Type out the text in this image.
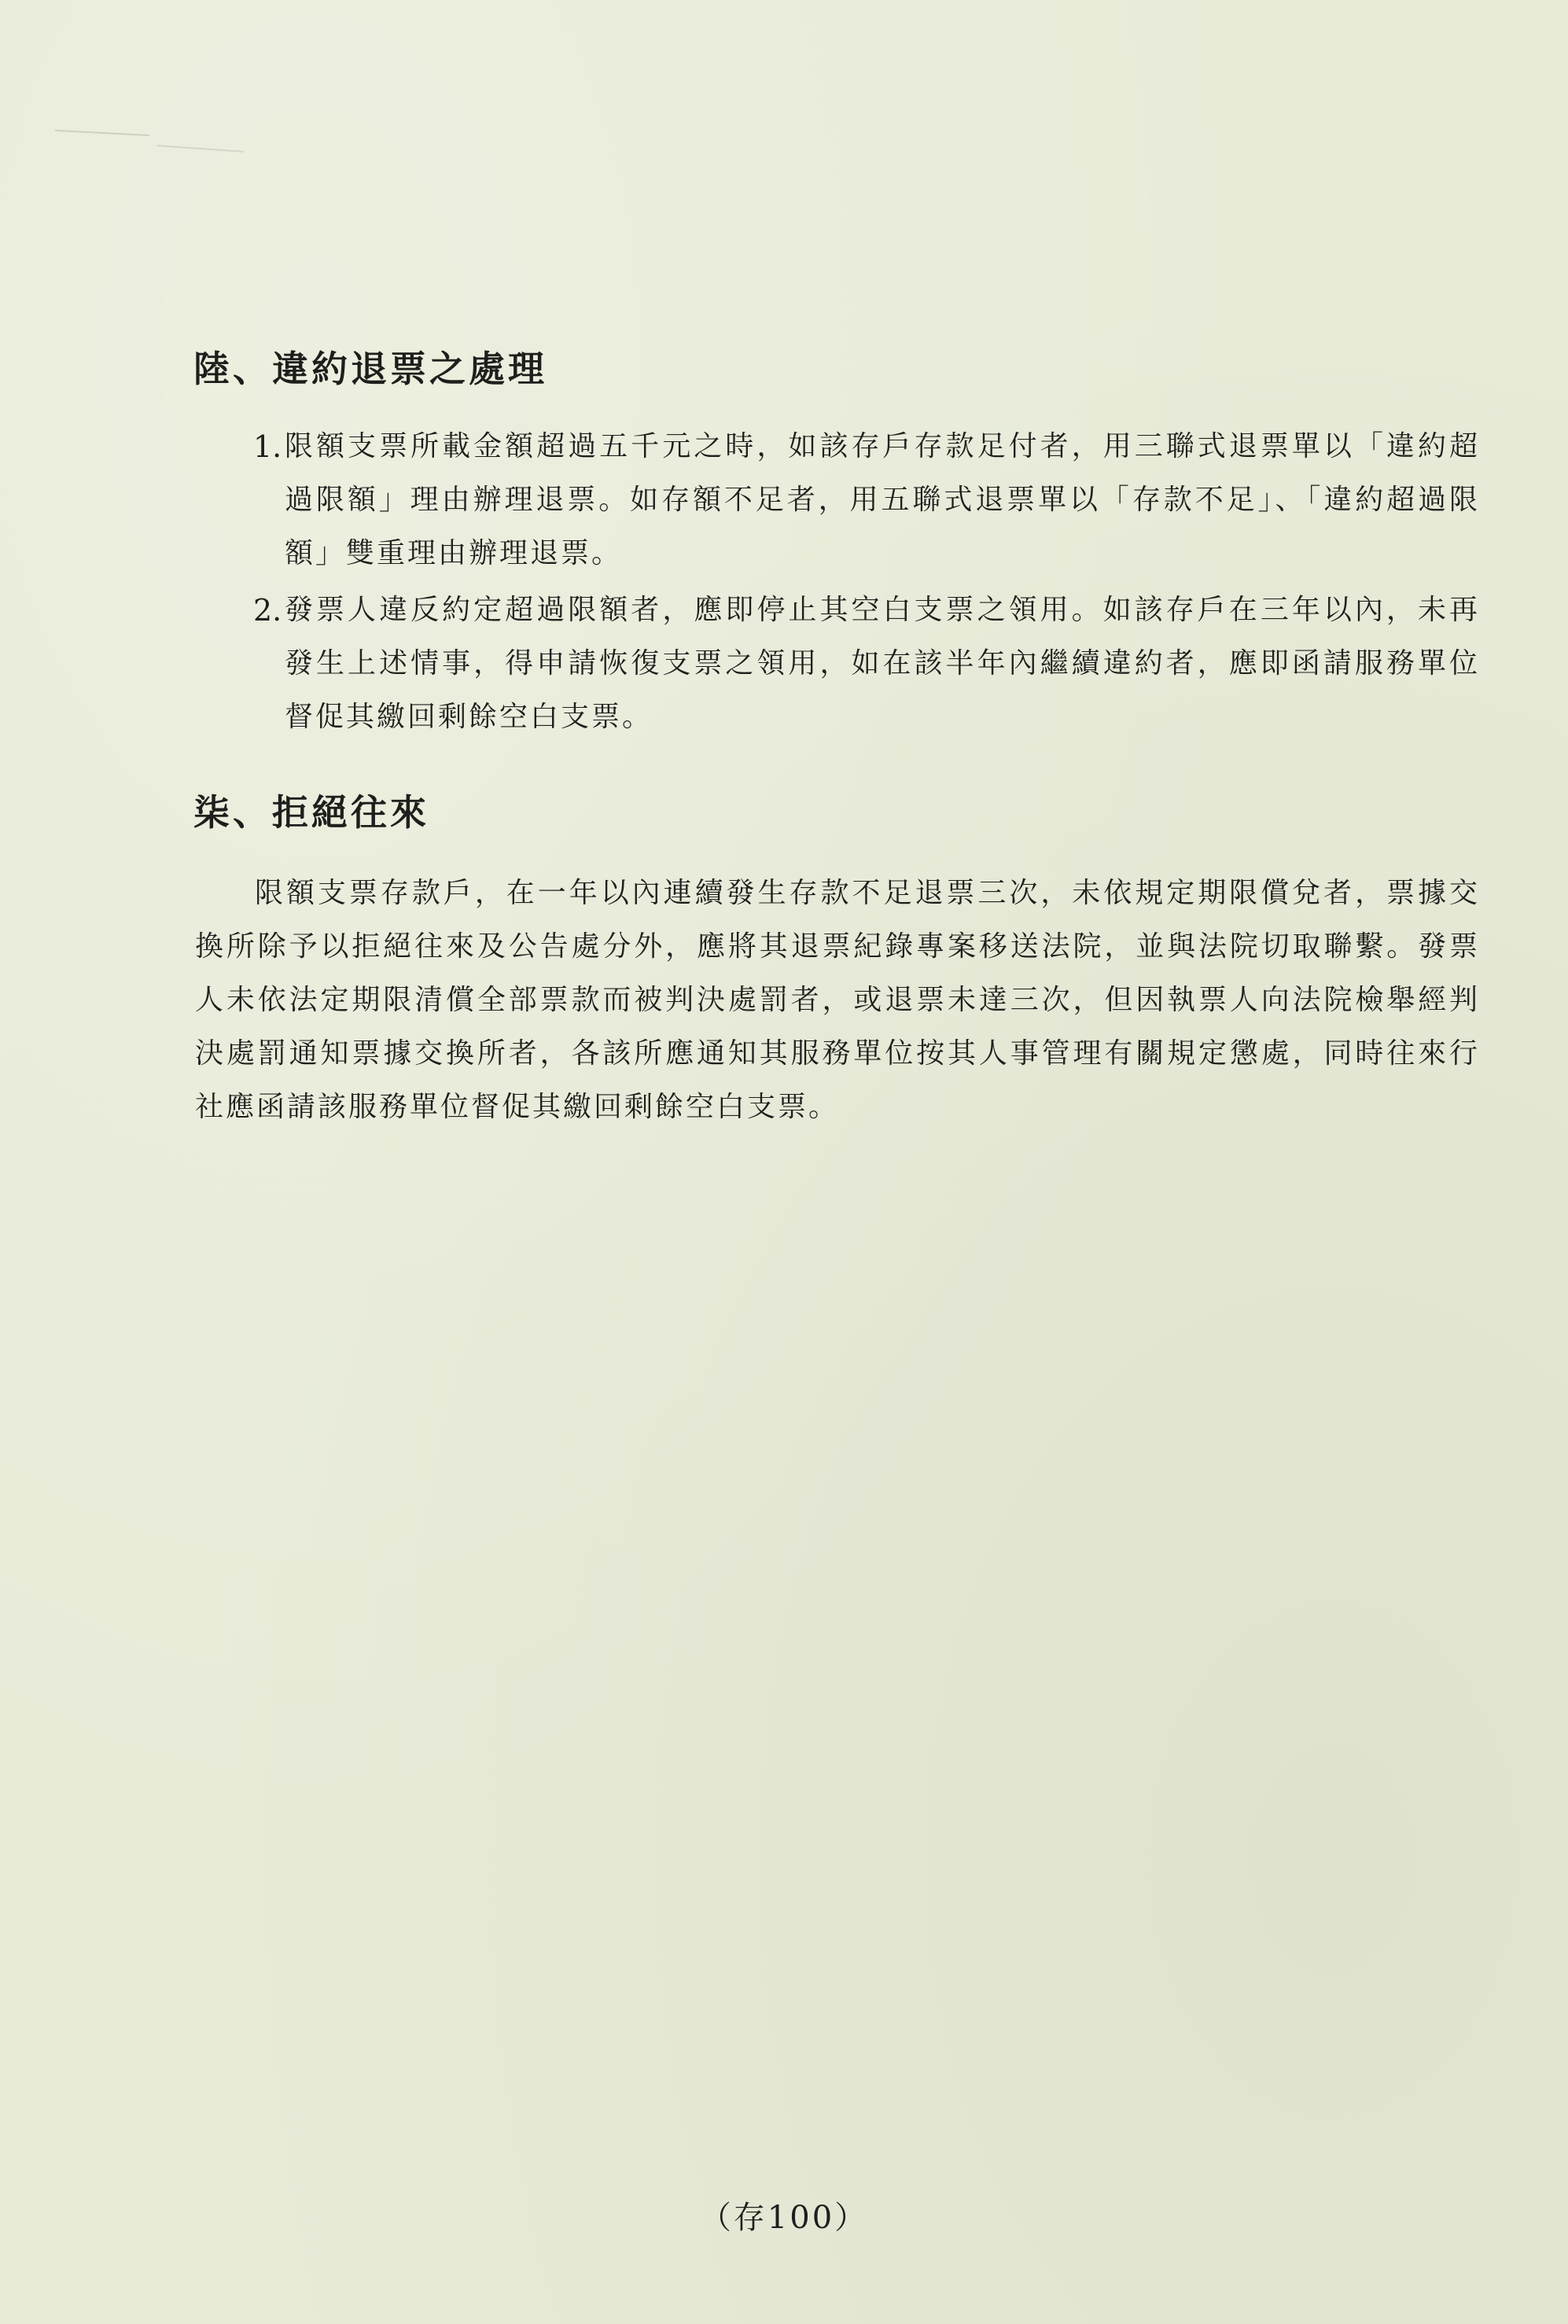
陸、違約退票之處理
1. 限額支票所載金額超過五千元之時，如該存戶存款足付者，用三聯式退票單以「違約超過限額」理由辦理退票。如存額不足者，用五聯式退票單以「存款不足」、「違約超過限額」雙重理由辦理退票。

2. 發票人違反約定超過限額者，應即停止其空白支票之領用。如該存戶在三年以內，未再發生上述情事，得申請恢復支票之領用，如在該半年內繼續違約者，應即函請服務單位督促其繳回剩餘空白支票。

柒、拒絕往來

限額支票存款戶，在一年以內連續發生存款不足退票三次，未依規定期限償兌者，票據交換所除予以拒絕往來及公告處分外，應將其退票紀錄專案移送法院，並與法院切取聯繫。發票人未依法定期限清償全部票款而被判決處罰者，或退票未達三次，但因執票人向法院檢舉經判決處罰通知票據交換所者，各該所應通知其服務單位按其人事管理有關規定懲處，同時往來行社應函請該服務單位督促其繳回剩餘空白支票。

（存100）
